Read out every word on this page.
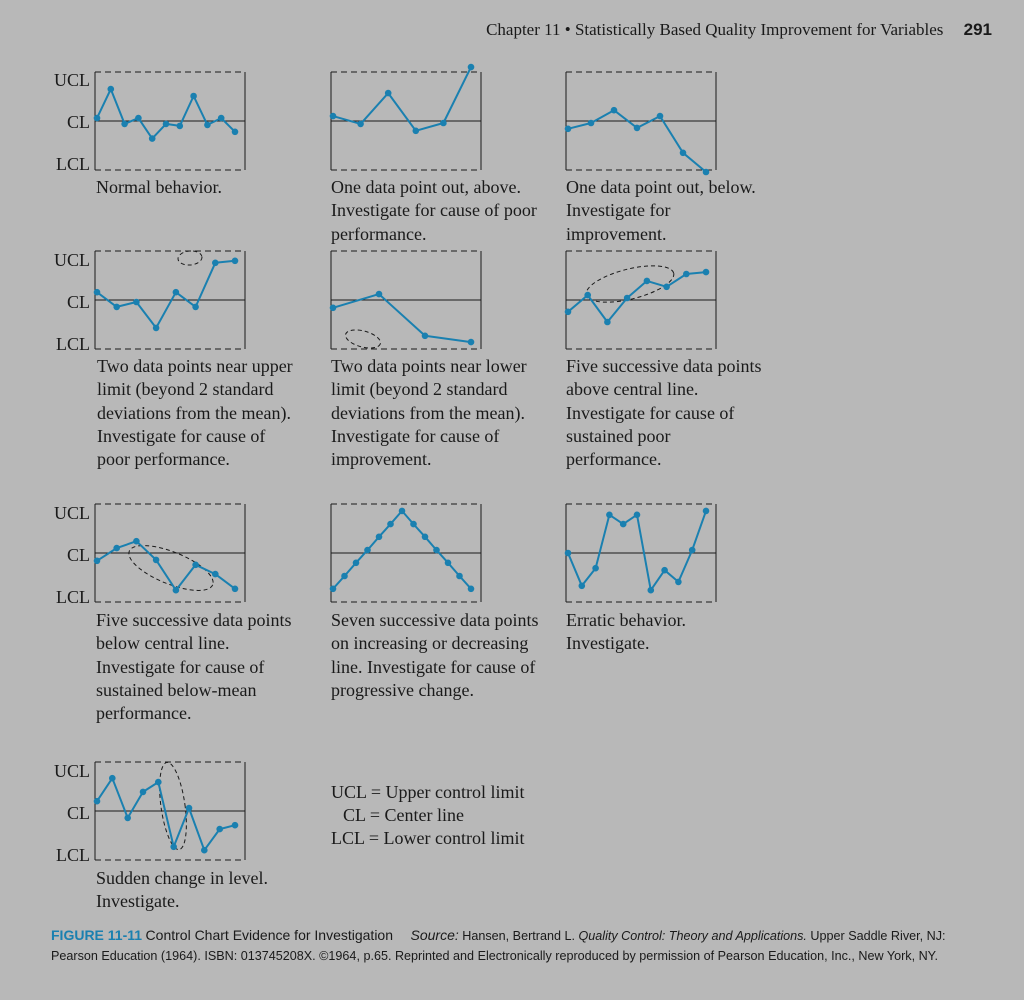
Chapter 11 • Statistically Based Quality Improvement for Variables 291
UCL
CL
LCL
UCL
CL
LCL
UCL
CL
LCL
UCL
CL
LCL
Normal behavior.	One data point out, above. Investigate for cause of poor performance.
One data point out, below. Investigate for improvement.
Two data points near upper limit (beyond 2 standard deviations from the mean). Investigate for cause of poor performance.
Two data points near lower limit (beyond 2 standard deviations from the mean). Investigate for cause of improvement.
Five successive data points above central line. Investigate for cause of sustained poor performance.
Five successive data points below central line. Investigate for cause of sustained below-mean performance.
Seven successive data points on increasing or decreasing line. Investigate for cause of progressive change.
Erratic behavior. Investigate.
Sudden change in level. Investigate.
UCL = Upper control limit
CL = Center line
LCL = Lower control limit
FIGURE 11-11 Control Chart Evidence for Investigation Source: Hansen, Bertrand L. Quality Control: Theory and Applications. Upper Saddle River, NJ: Pearson Education (1964). ISBN: 013745208X. ©1964, p.65. Reprinted and Electronically reproduced by permission of Pearson Education, Inc., New York, NY.
